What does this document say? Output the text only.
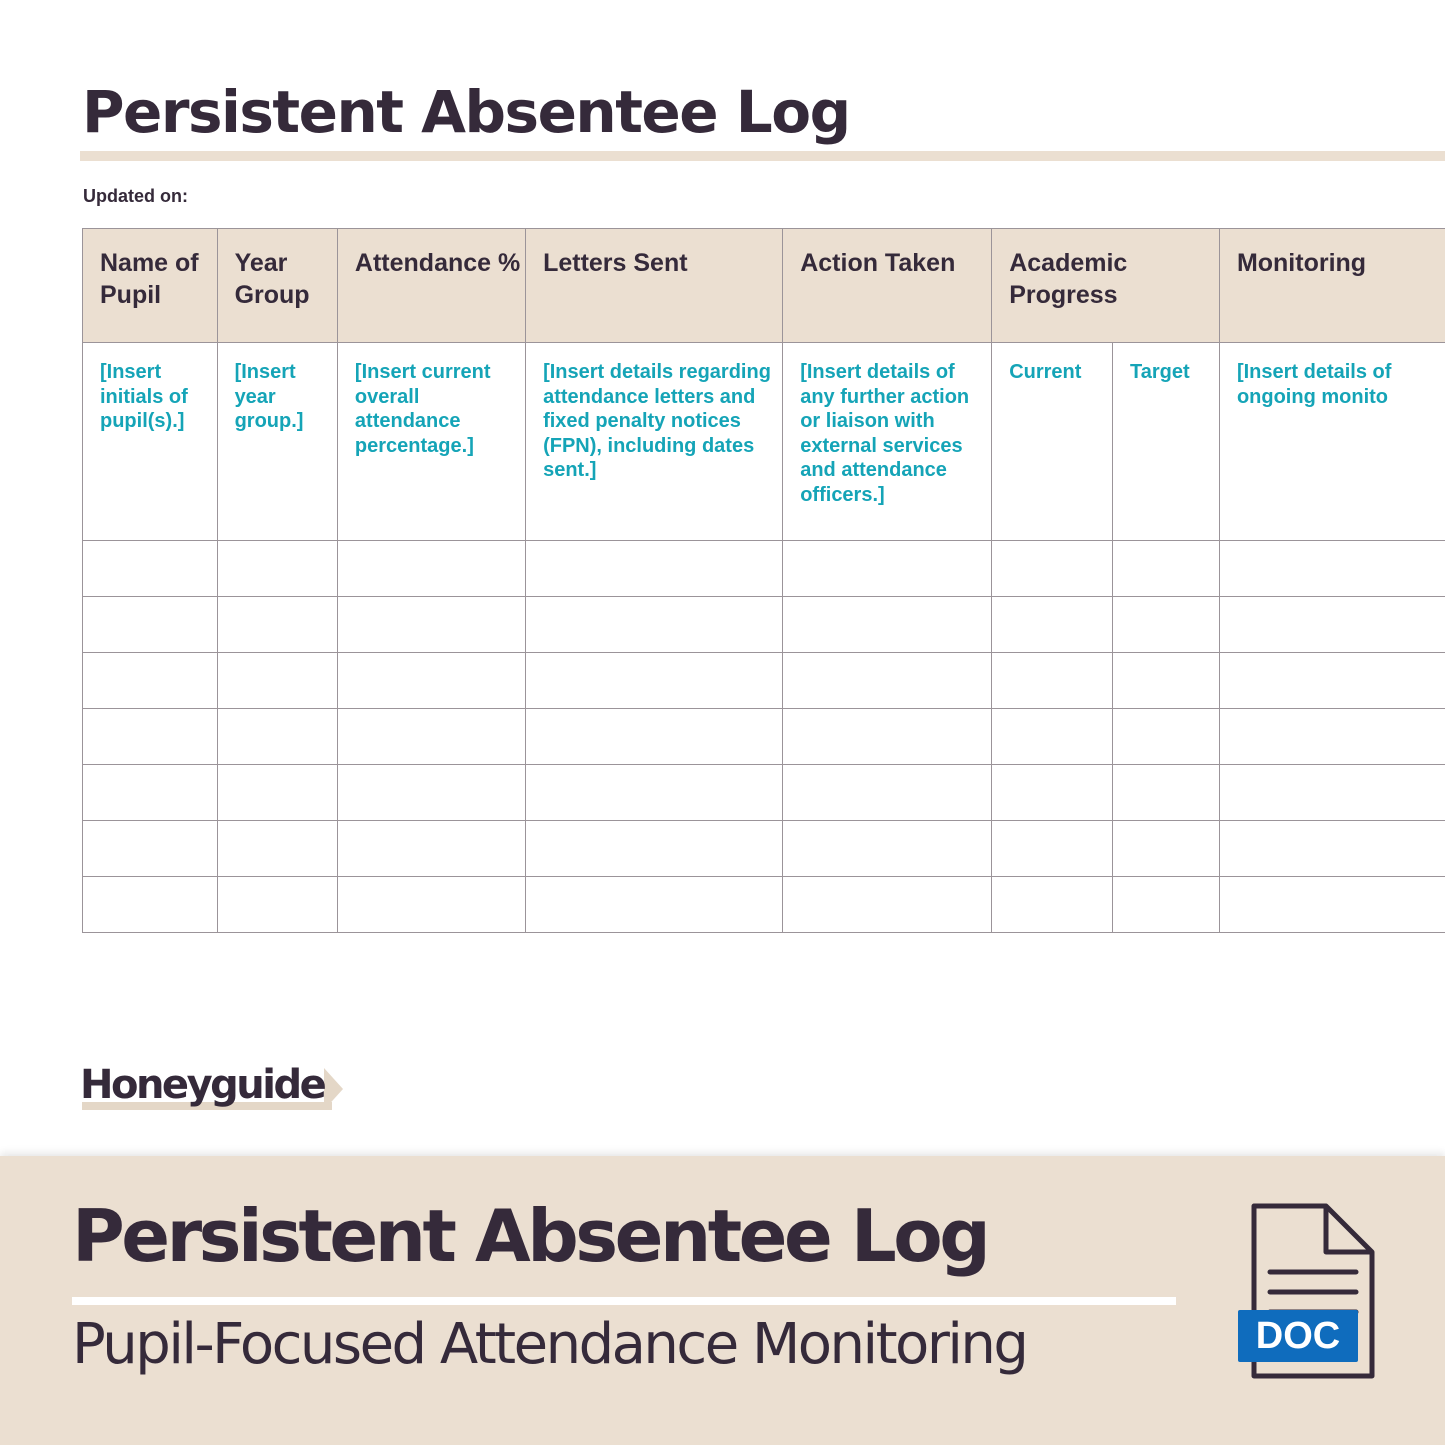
Persistent Absentee Log
Updated on:
Name of Pupil	Year Group	Attendance %	Letters Sent	Action Taken	Academic Progress		Monitoring
[Insert initials of pupil(s).]	[Insert year group.]	[Insert current overall attendance percentage.]	[Insert details regarding attendance letters and fixed penalty notices (FPN), including dates sent.]	[Insert details of any further action or liaison with external services and attendance officers.]	Current	Target	[Insert details of ongoing monito

Honeyguide
Persistent Absentee Log
Pupil-Focused Attendance Monitoring	DOC
